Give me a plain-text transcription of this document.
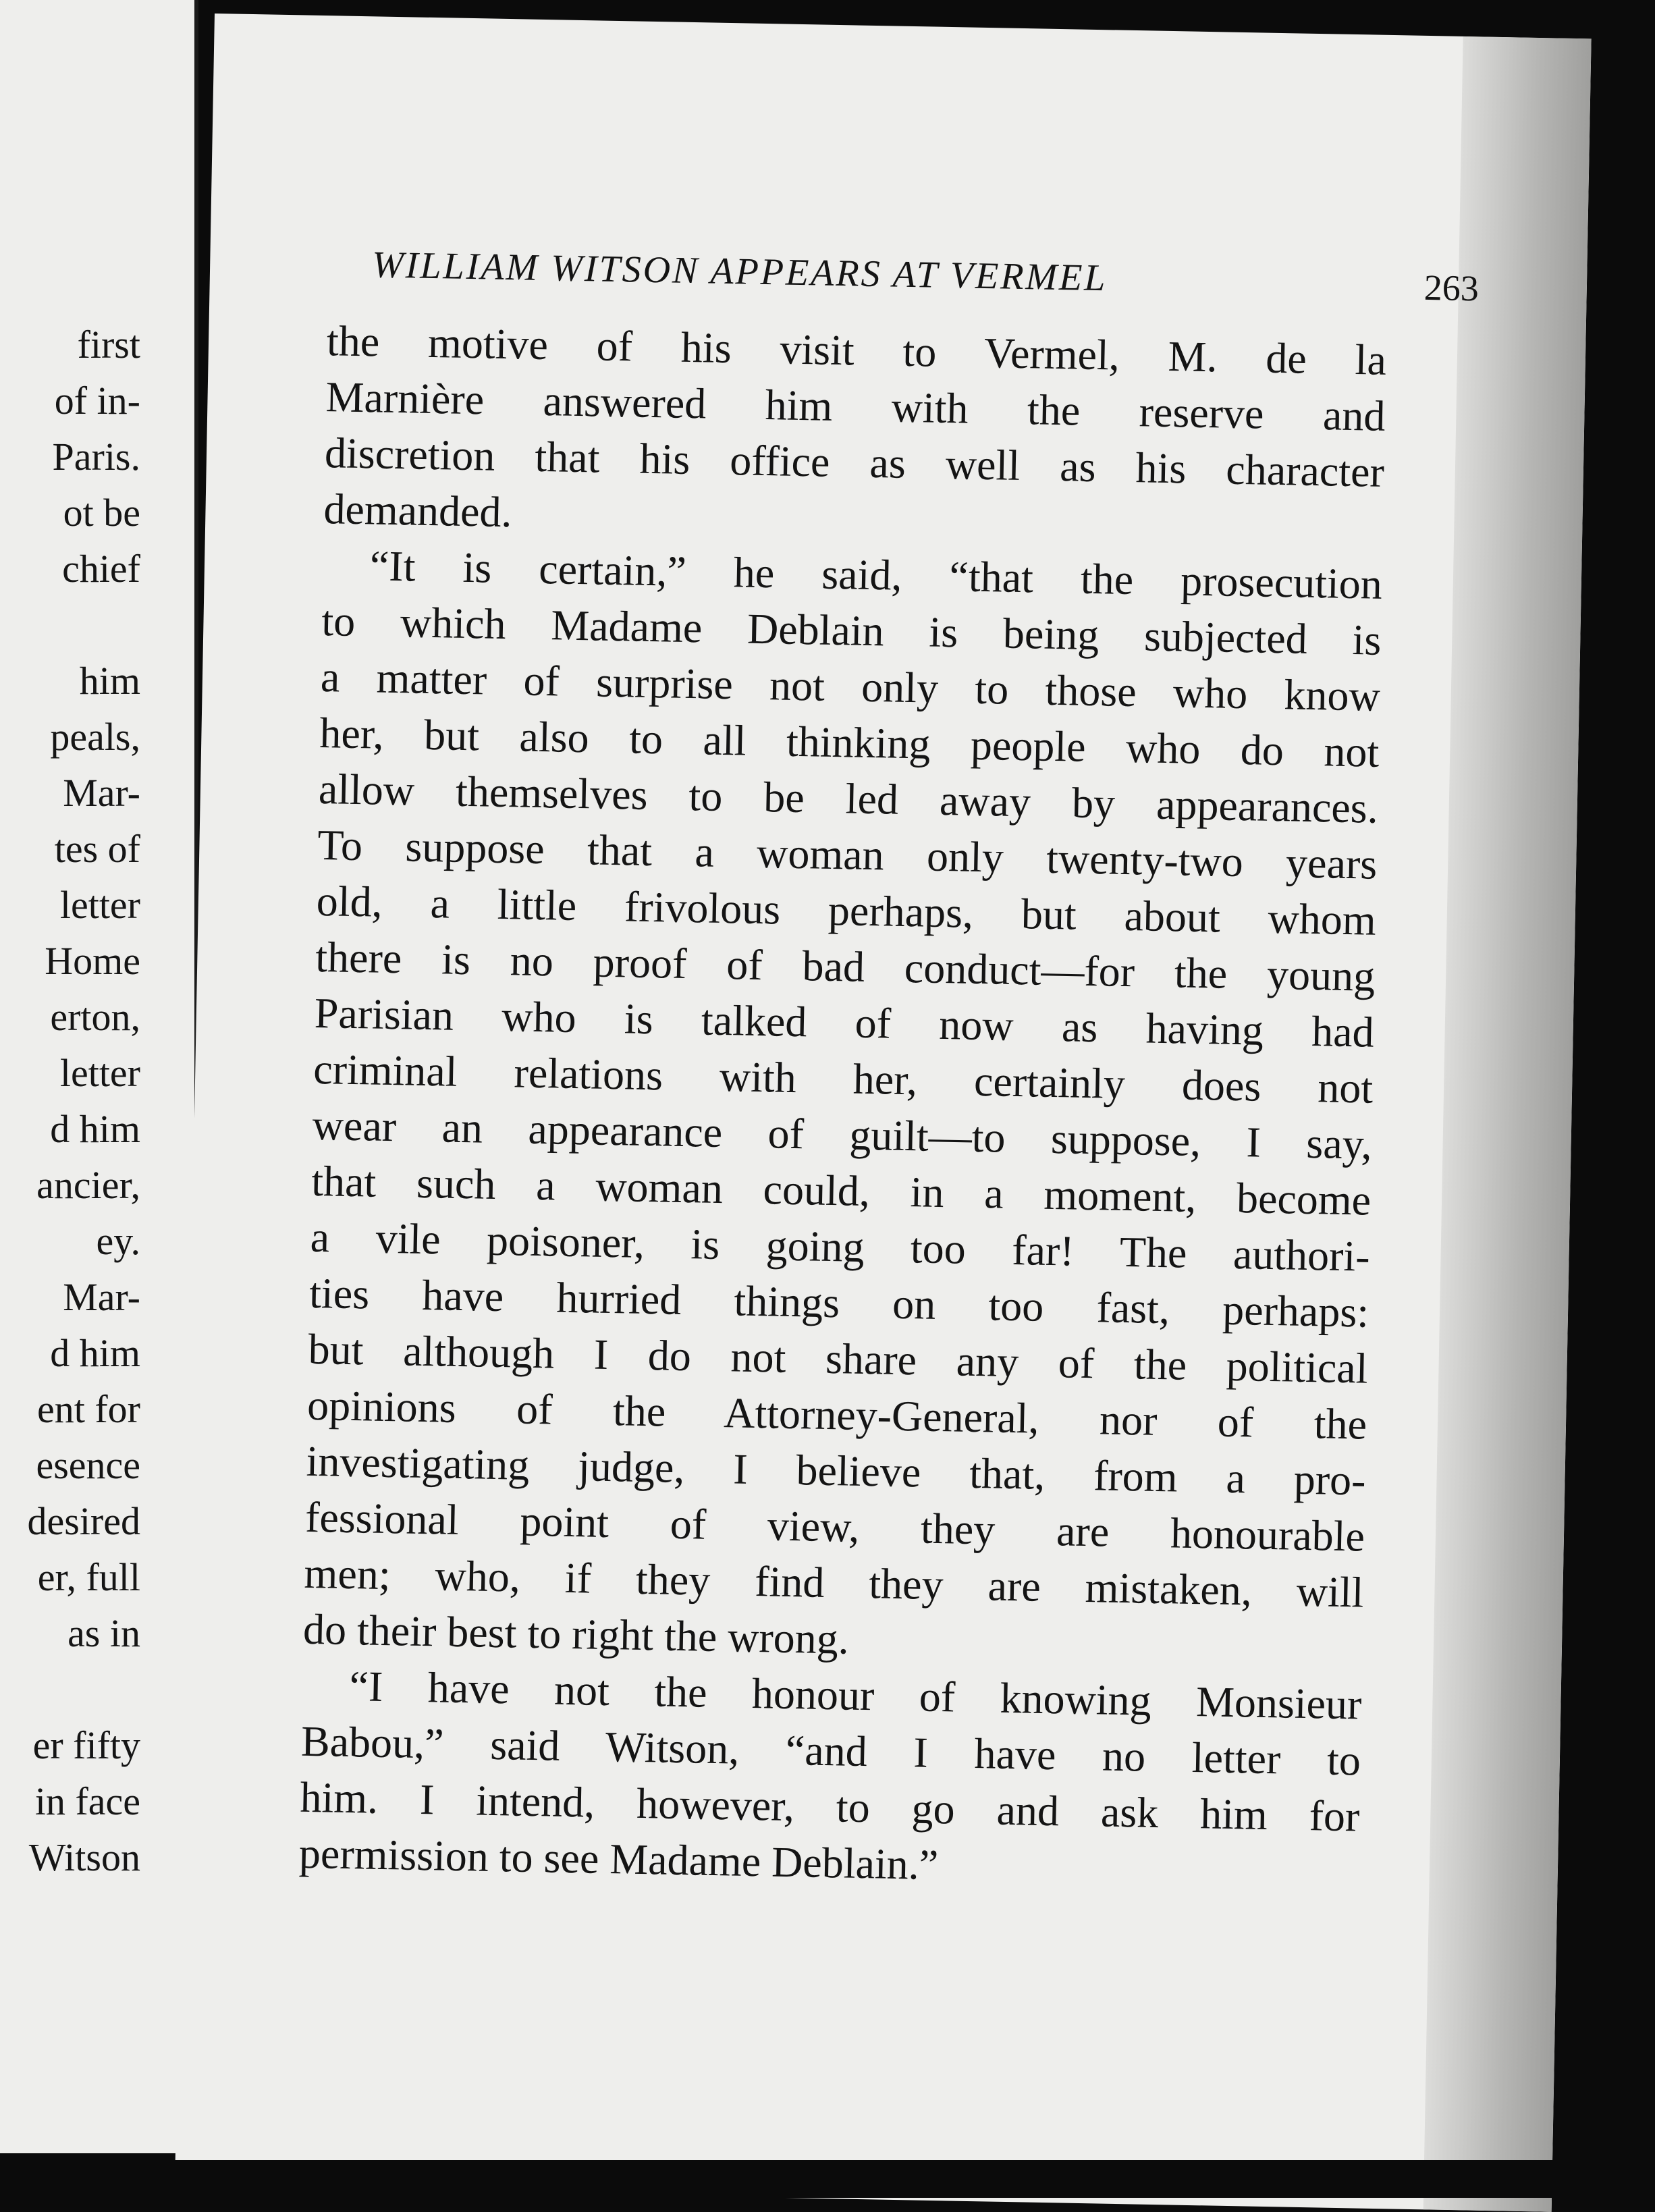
first
of in-
Paris.
ot be
chief
him
peals,
Mar-
tes of
letter
Home
erton,
letter
d him
ancier,
ey.
Mar-
d him
ent for
esence
desired
er, full
as in
er fifty
in face
Witson
WILLIAM WITSON APPEARS AT VERMEL	263
the motive of his visit to Vermel, M. de la
Marnière answered him with the reserve and
discretion that his office as well as his character
demanded.
“It is certain,” he said, “that the prosecution
to which Madame Deblain is being subjected is
a matter of surprise not only to those who know
her, but also to all thinking people who do not
allow themselves to be led away by appearances.
To suppose that a woman only twenty-two years
old, a little frivolous perhaps, but about whom
there is no proof of bad conduct—for the young
Parisian who is talked of now as having had
criminal relations with her, certainly does not
wear an appearance of guilt—to suppose, I say,
that such a woman could, in a moment, become
a vile poisoner, is going too far! The authori-
ties have hurried things on too fast, perhaps:
but although I do not share any of the political
opinions of the Attorney-General, nor of the
investigating judge, I believe that, from a pro-
fessional point of view, they are honourable
men; who, if they find they are mistaken, will
do their best to right the wrong.
“I have not the honour of knowing Monsieur
Babou,” said Witson, “and I have no letter to
him. I intend, however, to go and ask him for
permission to see Madame Deblain.”
